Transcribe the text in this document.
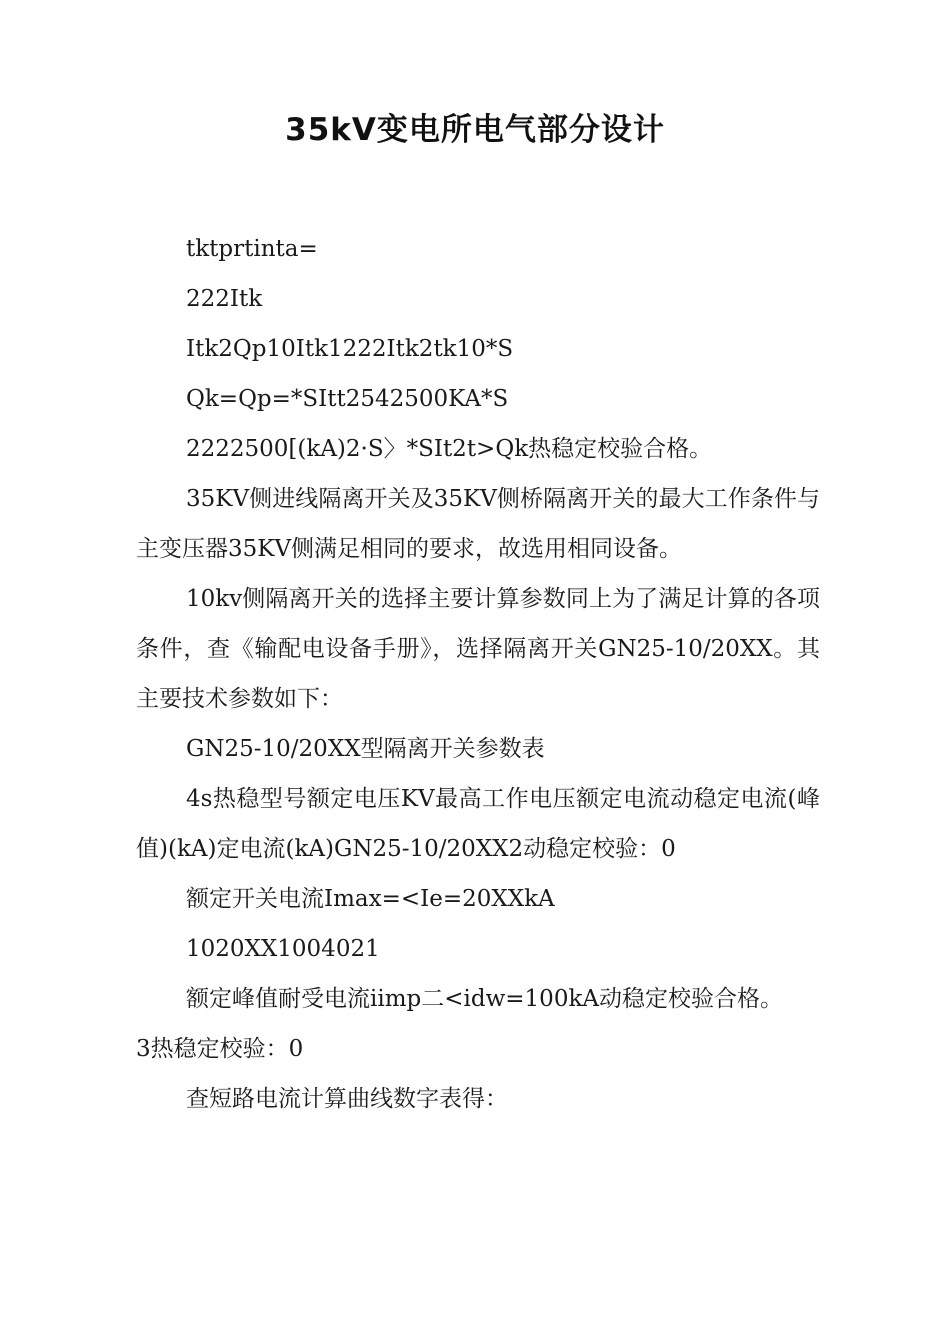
35kV变电所电气部分设计

tktprtinta=

222Itk

Itk2Qp10Itk1222Itk2tk10*S

Qk=Qp=*SItt2542500KA*S

2222500[(kA)2·S〉*SIt2t>Qk热稳定校验合格。

35KV侧进线隔离开关及35KV侧桥隔离开关的最大工作条件与主变压器35KV侧满足相同的要求，故选用相同设备。

10kv侧隔离开关的选择主要计算参数同上为了满足计算的各项条件，查《输配电设备手册》，选择隔离开关GN25-10/20XX。其主要技术参数如下：

GN25-10/20XX型隔离开关参数表

4s热稳型号额定电压KV最高工作电压额定电流动稳定电流(峰值)(kA)定电流(kA)GN25-10/20XX2动稳定校验：0

额定开关电流Imax=<Ie=20XXkA

1020XX1004021

额定峰值耐受电流iimp二<idw=100kA动稳定校验合格。

3热稳定校验：0

查短路电流计算曲线数字表得：
